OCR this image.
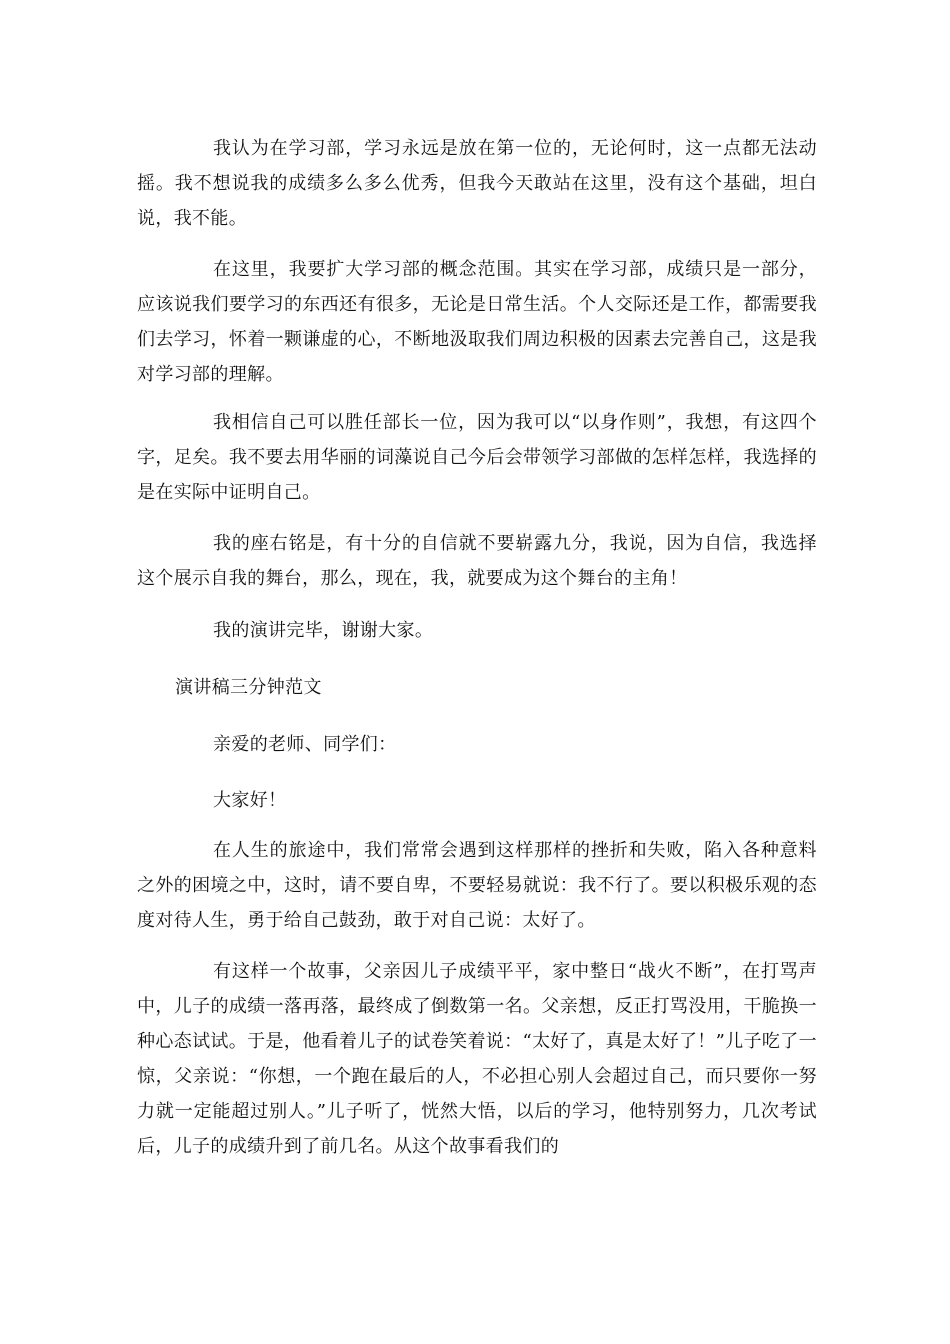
我认为在学习部，学习永远是放在第一位的，无论何时，这一点都无法动摇。我不想说我的成绩多么多么优秀，但我今天敢站在这里，没有这个基础，坦白说，我不能。

在这里，我要扩大学习部的概念范围。其实在学习部，成绩只是一部分，应该说我们要学习的东西还有很多，无论是日常生活。个人交际还是工作，都需要我们去学习，怀着一颗谦虚的心，不断地汲取我们周边积极的因素去完善自己，这是我对学习部的理解。

我相信自己可以胜任部长一位，因为我可以“以身作则”，我想，有这四个字，足矣。我不要去用华丽的词藻说自己今后会带领学习部做的怎样怎样，我选择的是在实际中证明自己。

我的座右铭是，有十分的自信就不要崭露九分，我说，因为自信，我选择这个展示自我的舞台，那么，现在，我，就要成为这个舞台的主角！

我的演讲完毕，谢谢大家。

演讲稿三分钟范文

亲爱的老师、同学们：

大家好！

在人生的旅途中，我们常常会遇到这样那样的挫折和失败，陷入各种意料之外的困境之中，这时，请不要自卑，不要轻易就说：我不行了。要以积极乐观的态度对待人生，勇于给自己鼓劲，敢于对自己说：太好了。

有这样一个故事，父亲因儿子成绩平平，家中整日“战火不断”，在打骂声中，儿子的成绩一落再落，最终成了倒数第一名。父亲想，反正打骂没用，干脆换一种心态试试。于是，他看着儿子的试卷笑着说：“太好了，真是太好了！”儿子吃了一惊，父亲说：“你想，一个跑在最后的人，不必担心别人会超过自己，而只要你一努力就一定能超过别人。”儿子听了，恍然大悟，以后的学习，他特别努力，几次考试后，儿子的成绩升到了前几名。从这个故事看我们的
